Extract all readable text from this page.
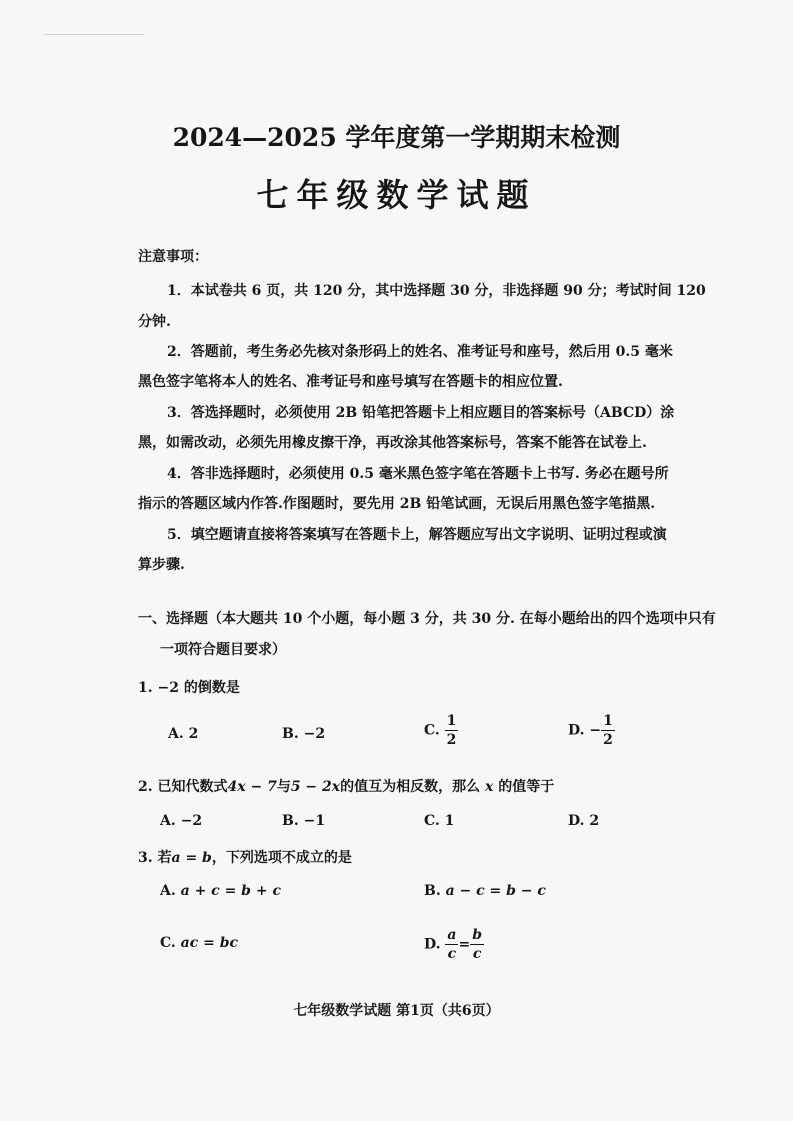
2024—2025 学年度第一学期期末检测
七年级数学试题
注意事项：
1．本试卷共 6 页，共 120 分，其中选择题 30 分，非选择题 90 分；考试时间 120
分钟.
2．答题前，考生务必先核对条形码上的姓名、准考证号和座号，然后用 0.5 毫米
黑色签字笔将本人的姓名、准考证号和座号填写在答题卡的相应位置.
3．答选择题时，必须使用 2B 铅笔把答题卡上相应题目的答案标号（ABCD）涂
黑，如需改动，必须先用橡皮擦干净，再改涂其他答案标号，答案不能答在试卷上.
4．答非选择题时，必须使用 0.5 毫米黑色签字笔在答题卡上书写. 务必在题号所
指示的答题区域内作答.作图题时，要先用 2B 铅笔试画，无误后用黑色签字笔描黑.
5．填空题请直接将答案填写在答题卡上，解答题应写出文字说明、证明过程或演
算步骤.
一、选择题（本大题共 10 个小题，每小题 3 分，共 30 分. 在每小题给出的四个选项中只有
一项符合题目要求）
1. −2 的倒数是
A. 2	B. −2	C. $\frac{1}{2}$	D. − $\frac{1}{2}$
2. 已知代数式4x − 7与5 − 2x的值互为相反数，那么 x 的值等于
A. −2	B. −1	C. 1	D. 2
3. 若a = b，下列选项不成立的是
A. a + c = b + c	B. a − c = b − c
C. ac = bc	D. $\frac{a}{c} = \frac{b}{c}$
七年级数学试题 第1页（共6页）
